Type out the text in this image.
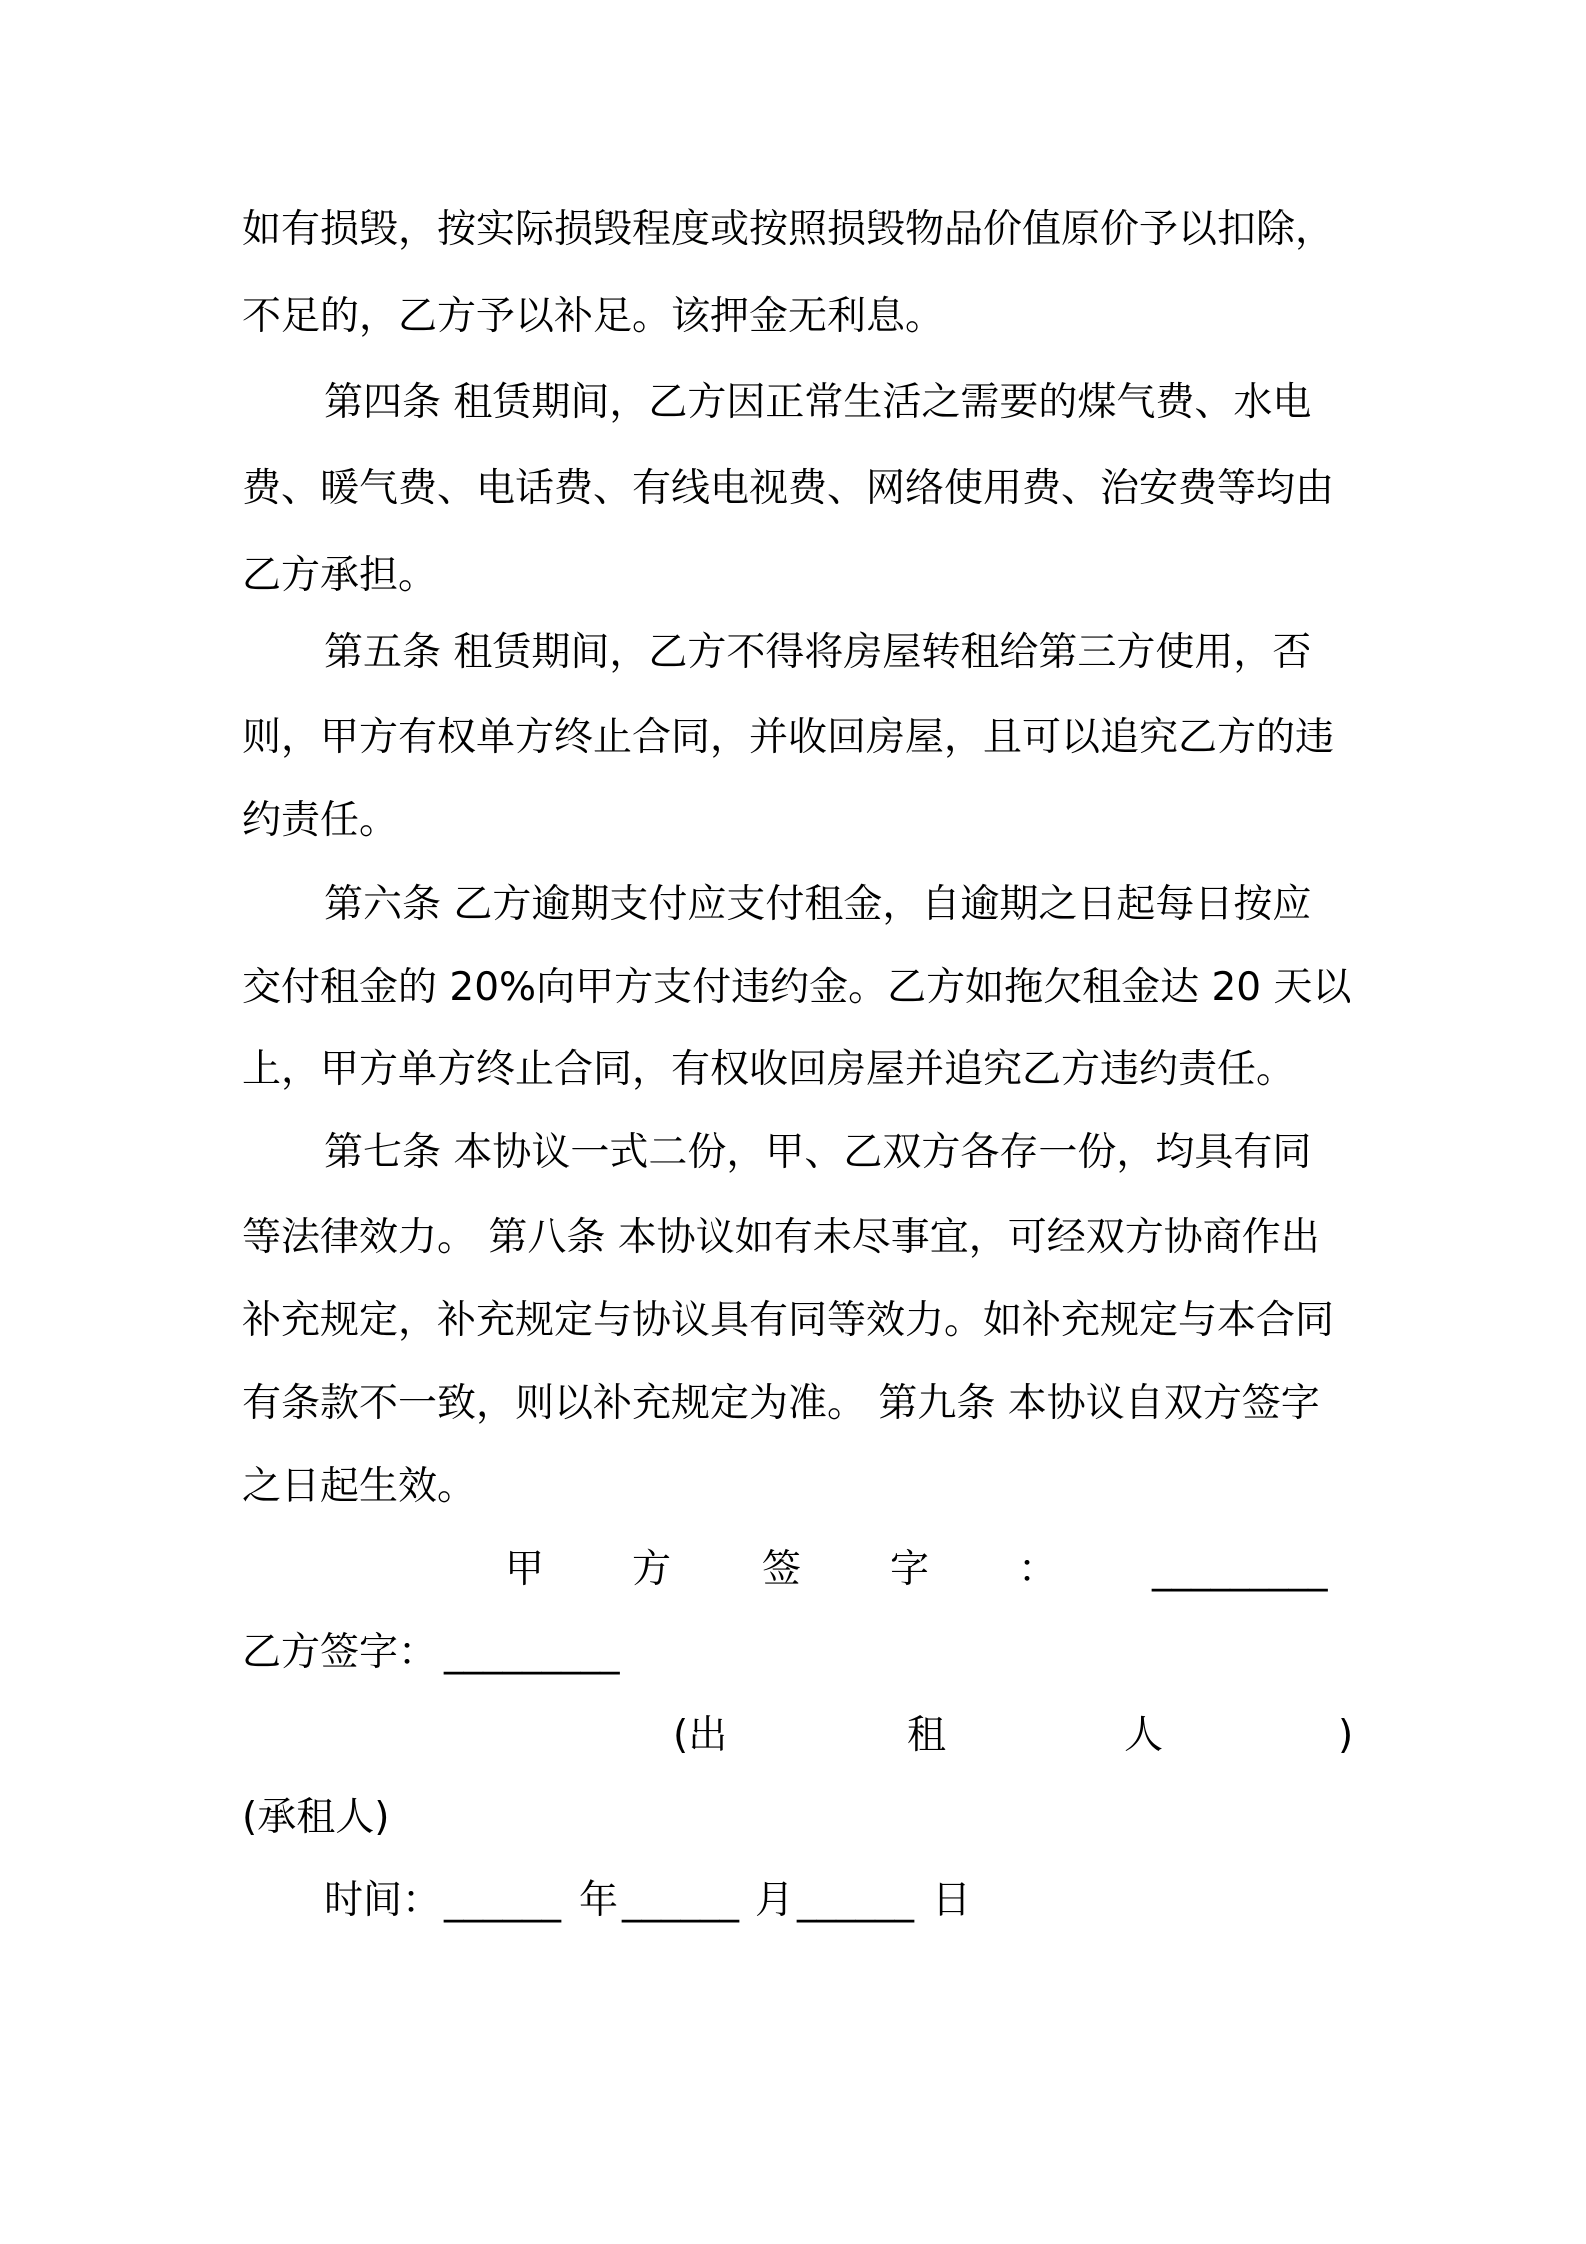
如有损毁，按实际损毁程度或按照损毁物品价值原价予以扣除，
不足的，乙方予以补足。该押金无利息。
第四条 租赁期间，乙方因正常生活之需要的煤气费、水电
费、暖气费、电话费、有线电视费、网络使用费、治安费等均由
乙方承担。
第五条 租赁期间，乙方不得将房屋转租给第三方使用，否
则，甲方有权单方终止合同，并收回房屋，且可以追究乙方的违
约责任。
第六条 乙方逾期支付应支付租金，自逾期之日起每日按应
交付租金的 20%向甲方支付违约金。乙方如拖欠租金达 20 天以
上，甲方单方终止合同，有权收回房屋并追究乙方违约责任。
第七条 本协议一式二份，甲、乙双方各存一份，均具有同
等法律效力。 第八条 本协议如有未尽事宜，可经双方协商作出
补充规定，补充规定与协议具有同等效力。如补充规定与本合同
有条款不一致，则以补充规定为准。 第九条 本协议自双方签字
之日起生效。
甲 方 签 字 ： _________
乙方签字： _________
(出	租	人	)
(承租人)
时间： ______ 年 ______ 月 ______ 日
